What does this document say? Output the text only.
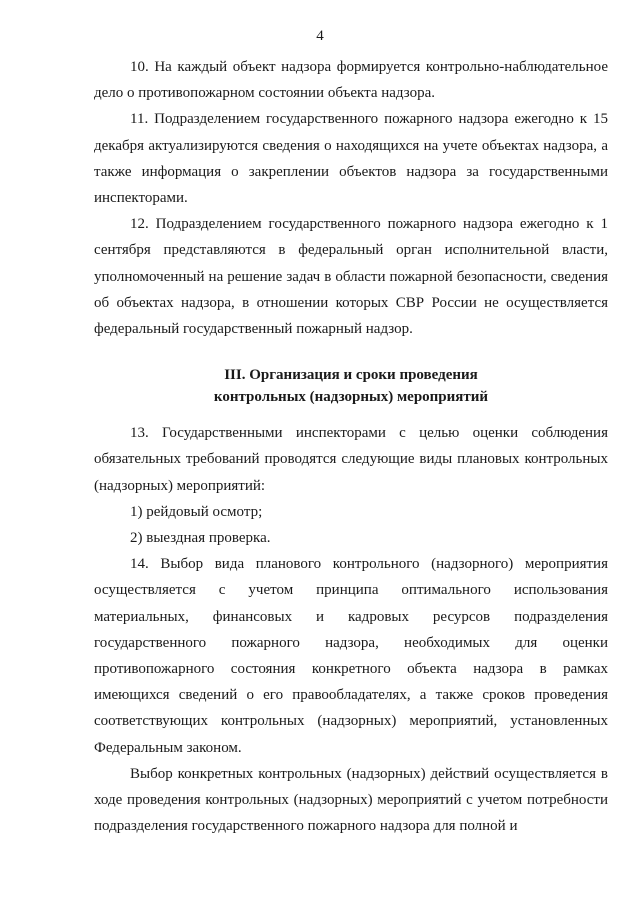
4

10. На каждый объект надзора формируется контрольно-наблюдательное дело о противопожарном состоянии объекта надзора.

11. Подразделением государственного пожарного надзора ежегодно к 15 декабря актуализируются сведения о находящихся на учете объектах надзора, а также информация о закреплении объектов надзора за государственными инспекторами.

12. Подразделением государственного пожарного надзора ежегодно к 1 сентября представляются в федеральный орган исполнительной власти, уполномоченный на решение задач в области пожарной безопасности, сведения об объектах надзора, в отношении которых СВР России не осуществляется федеральный государственный пожарный надзор.

III. Организация и сроки проведения
контрольных (надзорных) мероприятий

13. Государственными инспекторами с целью оценки соблюдения обязательных требований проводятся следующие виды плановых контрольных (надзорных) мероприятий:

1) рейдовый осмотр;

2) выездная проверка.

14. Выбор вида планового контрольного (надзорного) мероприятия осуществляется с учетом принципа оптимального использования материальных, финансовых и кадровых ресурсов подразделения государственного пожарного надзора, необходимых для оценки противопожарного состояния конкретного объекта надзора в рамках имеющихся сведений о его правообладателях, а также сроков проведения соответствующих контрольных (надзорных) мероприятий, установленных Федеральным законом.

Выбор конкретных контрольных (надзорных) действий осуществляется в ходе проведения контрольных (надзорных) мероприятий с учетом потребности подразделения государственного пожарного надзора для полной и
